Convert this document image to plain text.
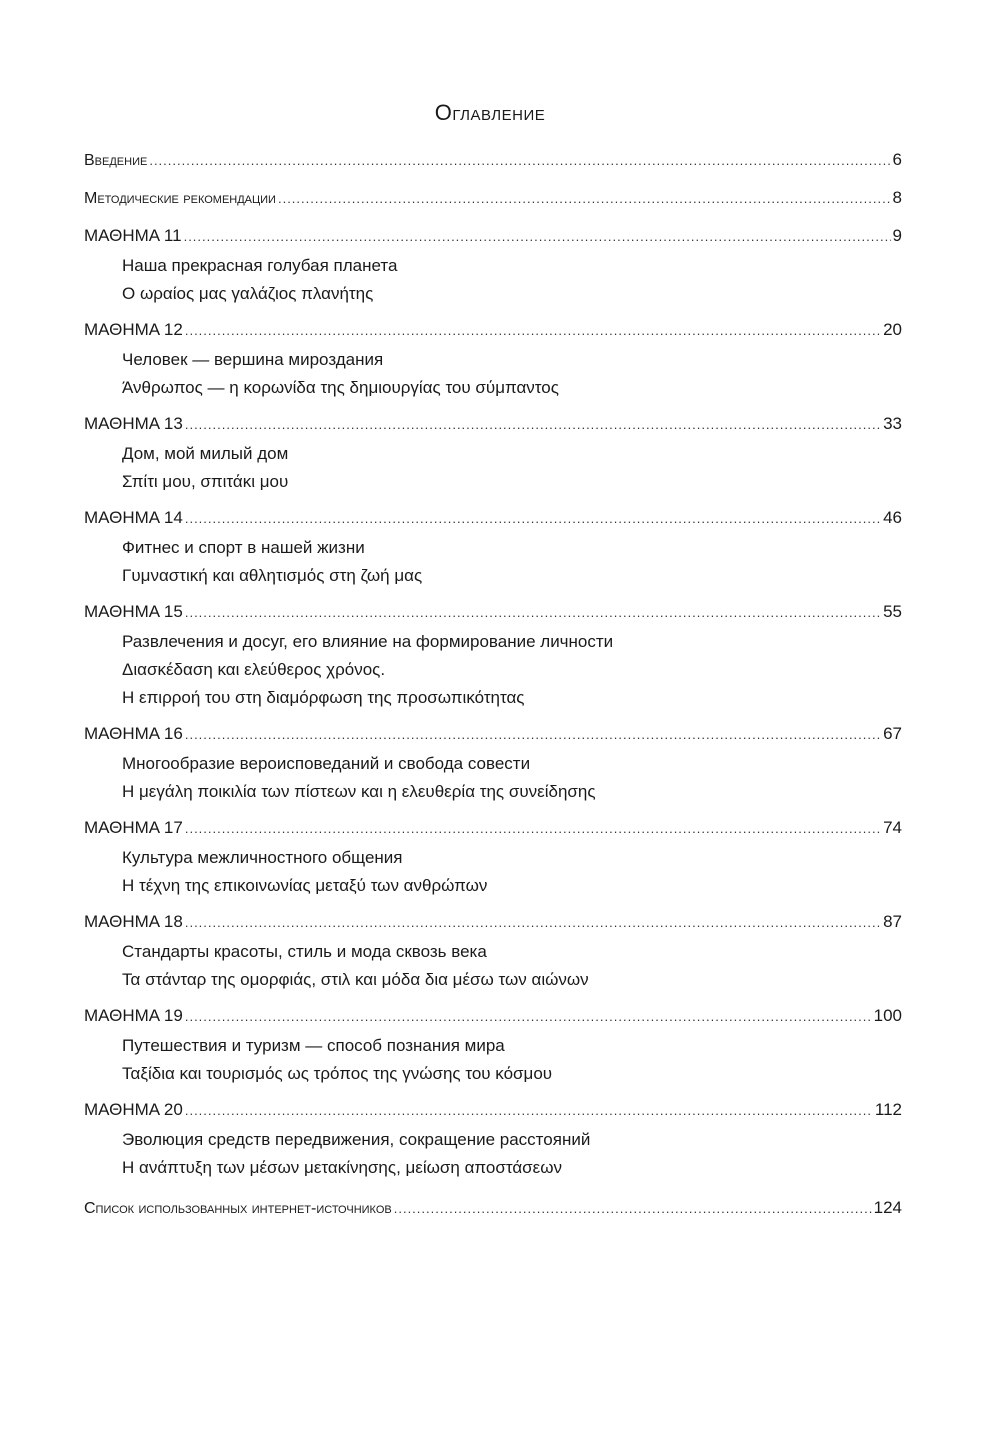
Оглавление
Введение .....	6
Методические рекомендации .....	8
ΜΑΘΗΜΑ 11 .....	9
Наша прекрасная голубая планета
Ο ωραίος μας γαλάζιος πλανήτης
ΜΑΘΗΜΑ 12 .....	20
Человек — вершина мироздания
Άνθρωπος — η κορωνίδα της δημιουργίας του σύμπαντος
ΜΑΘΗΜΑ 13 .....	33
Дом, мой милый дом
Σπίτι μου, σπιτάκι μου
ΜΑΘΗΜΑ 14 .....	46
Фитнес и спорт в нашей жизни
Γυμναστική και αθλητισμός στη ζωή μας
ΜΑΘΗΜΑ 15 .....	55
Развлечения и досуг, его влияние на формирование личности
Διασκέδαση και ελεύθερος χρόνος.
Η επιρροή του στη διαμόρφωση της προσωπικότητας
ΜΑΘΗΜΑ 16 .....	67
Многообразие вероисповеданий и свобода совести
Η μεγάλη ποικιλία των πίστεων και η ελευθερία της συνείδησης
ΜΑΘΗΜΑ 17 .....	74
Культура межличностного общения
Η τέχνη της επικοινωνίας μεταξύ των ανθρώπων
ΜΑΘΗΜΑ 18 .....	87
Стандарты красоты, стиль и мода сквозь века
Τα στάνταρ της ομορφιάς, στιλ και μόδα δια μέσω των αιώνων
ΜΑΘΗΜΑ 19 .....	100
Путешествия и туризм — способ познания мира
Ταξίδια και τουρισμός ως τρόπος της γνώσης του κόσμου
ΜΑΘΗΜΑ 20 .....	112
Эволюция средств передвижения, сокращение расстояний
Η ανάπτυξη των μέσων μετακίνησης, μείωση αποστάσεων
Список использованных интернет-источников .....	124
